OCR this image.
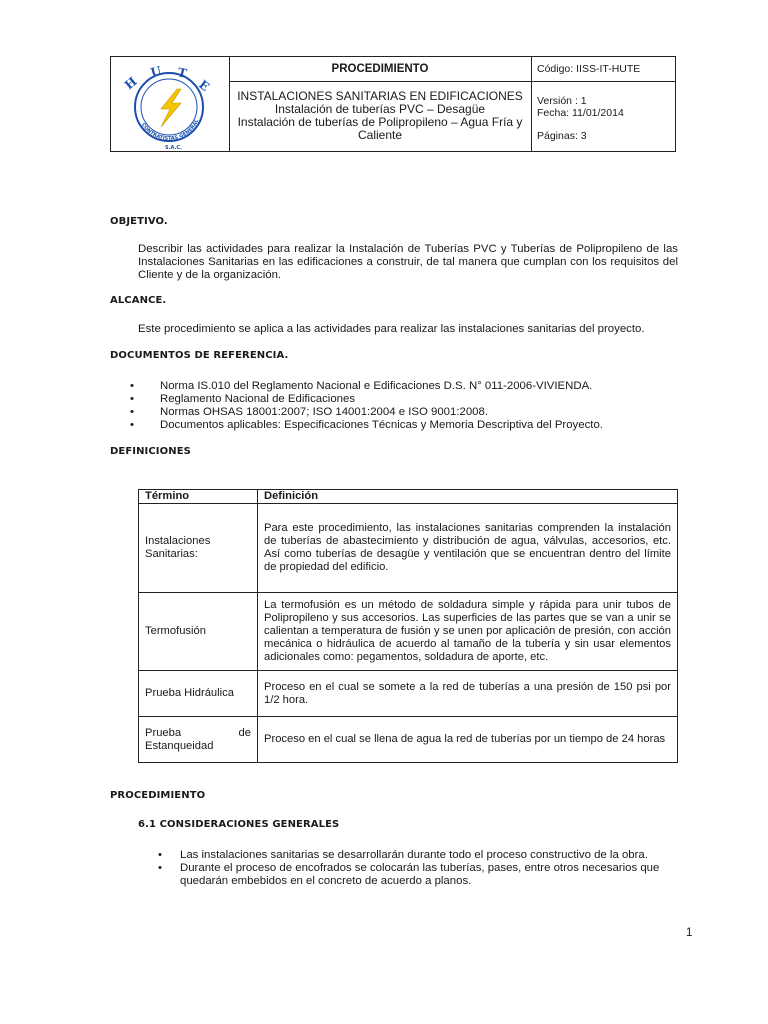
H
U T
E
CONTRATISTAS GENERAL
S.A.C.
PROCEDIMIENTO
INSTALACIONES SANITARIAS EN EDIFICACIONES
Instalación de tuberías PVC – Desagüe
Instalación de tuberías de Polipropileno – Agua Fría y
Caliente
Código: IISS-IT-HUTE
Versión : 1
Fecha: 11/01/2014
Páginas: 3
OBJETIVO.
Describir las actividades para realizar la Instalación de Tuberías PVC y Tuberías de Polipropileno de las Instalaciones Sanitarias en las edificaciones a construir, de tal manera que cumplan con los requisitos del Cliente y de la organización.
ALCANCE.
Este procedimiento se aplica a las actividades para realizar las instalaciones sanitarias del proyecto.
DOCUMENTOS DE REFERENCIA.
• Norma IS.010 del Reglamento Nacional e Edificaciones D.S. N° 011-2006-VIVIENDA.
• Reglamento Nacional de Edificaciones
• Normas OHSAS 18001:2007; ISO 14001:2004 e ISO 9001:2008.
• Documentos aplicables: Especificaciones Técnicas y Memoria Descriptiva del Proyecto.
DEFINICIONES
Término	Definición
Instalaciones Sanitarias:	Para este procedimiento, las instalaciones sanitarias comprenden la instalación de tuberías de abastecimiento y distribución de agua, válvulas, accesorios, etc. Así como tuberías de desagüe y ventilación que se encuentran dentro del límite de propiedad del edificio.
Termofusión	La termofusión es un método de soldadura simple y rápida para unir tubos de Polipropileno y sus accesorios. Las superficies de las partes que se van a unir se calientan a temperatura de fusión y se unen por aplicación de presión, con acción mecánica o hidráulica de acuerdo al tamaño de la tubería y sin usar elementos adicionales como: pegamentos, soldadura de aporte, etc.
Prueba Hidráulica	Proceso en el cual se somete a la red de tuberías a una presión de 150 psi por 1/2 hora.
Prueba de Estanqueidad	Proceso en el cual se llena de agua la red de tuberías por un tiempo de 24 horas
PROCEDIMIENTO
6.1 CONSIDERACIONES GENERALES
• Las instalaciones sanitarias se desarrollarán durante todo el proceso constructivo de la obra.
• Durante el proceso de encofrados se colocarán las tuberías, pases, entre otros necesarios que quedarán embebidos en el concreto de acuerdo a planos.
1
